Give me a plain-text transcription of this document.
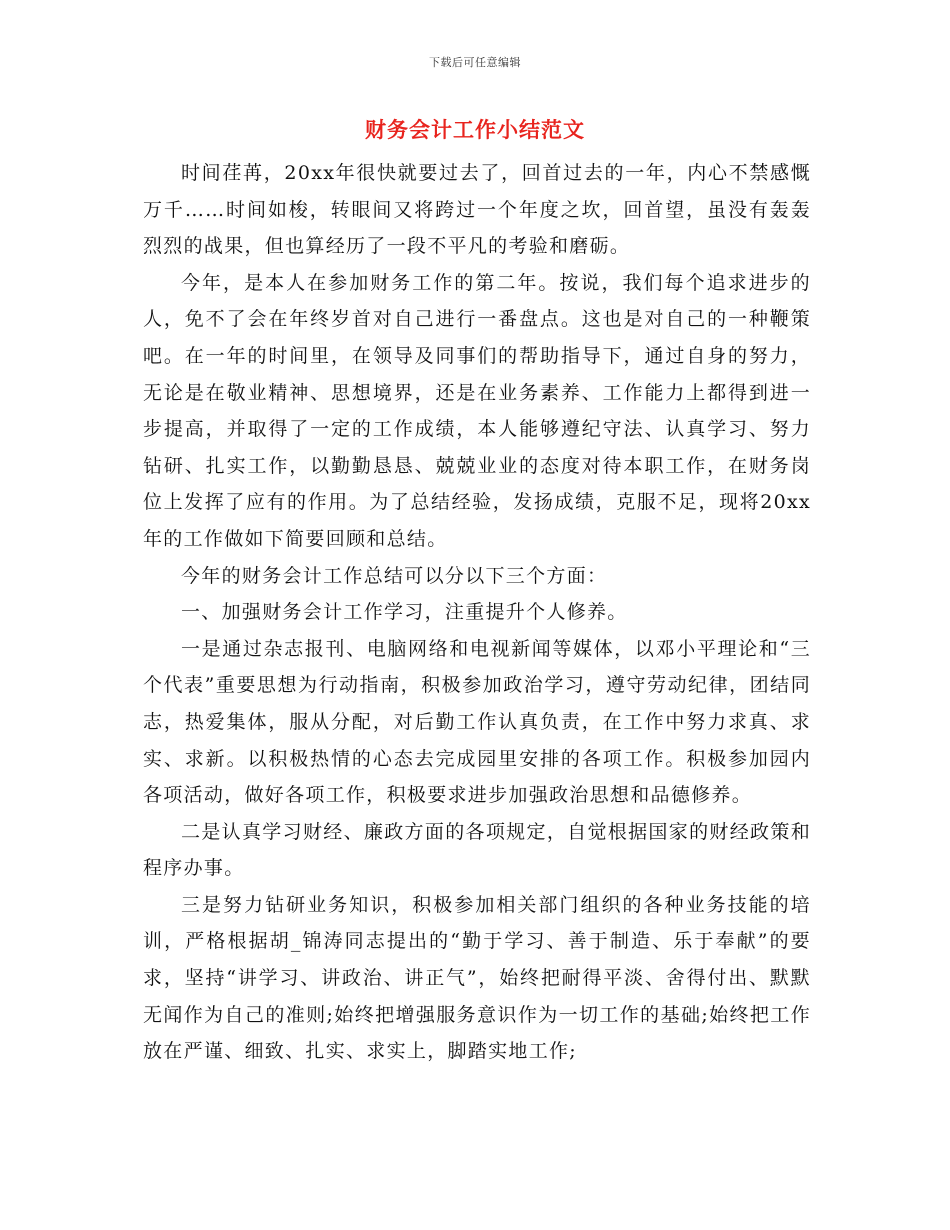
下载后可任意编辑
财务会计工作小结范文

时间荏苒，20xx年很快就要过去了，回首过去的一年，内心不禁感慨万千……时间如梭，转眼间又将跨过一个年度之坎，回首望，虽没有轰轰烈烈的战果，但也算经历了一段不平凡的考验和磨砺。

今年，是本人在参加财务工作的第二年。按说，我们每个追求进步的人，免不了会在年终岁首对自己进行一番盘点。这也是对自己的一种鞭策吧。在一年的时间里，在领导及同事们的帮助指导下，通过自身的努力，无论是在敬业精神、思想境界，还是在业务素养、工作能力上都得到进一步提高，并取得了一定的工作成绩，本人能够遵纪守法、认真学习、努力钻研、扎实工作，以勤勤恳恳、兢兢业业的态度对待本职工作，在财务岗位上发挥了应有的作用。为了总结经验，发扬成绩，克服不足，现将20xx年的工作做如下简要回顾和总结。

今年的财务会计工作总结可以分以下三个方面：

一、加强财务会计工作学习，注重提升个人修养。

一是通过杂志报刊、电脑网络和电视新闻等媒体，以邓小平理论和“三个代表”重要思想为行动指南，积极参加政治学习，遵守劳动纪律，团结同志，热爱集体，服从分配，对后勤工作认真负责，在工作中努力求真、求实、求新。以积极热情的心态去完成园里安排的各项工作。积极参加园内各项活动，做好各项工作，积极要求进步加强政治思想和品德修养。

二是认真学习财经、廉政方面的各项规定，自觉根据国家的财经政策和程序办事。

三是努力钻研业务知识，积极参加相关部门组织的各种业务技能的培训，严格根据胡_锦涛同志提出的“勤于学习、善于制造、乐于奉献”的要求，坚持“讲学习、讲政治、讲正气”，始终把耐得平淡、舍得付出、默默无闻作为自己的准则;始终把增强服务意识作为一切工作的基础;始终把工作放在严谨、细致、扎实、求实上，脚踏实地工作;
